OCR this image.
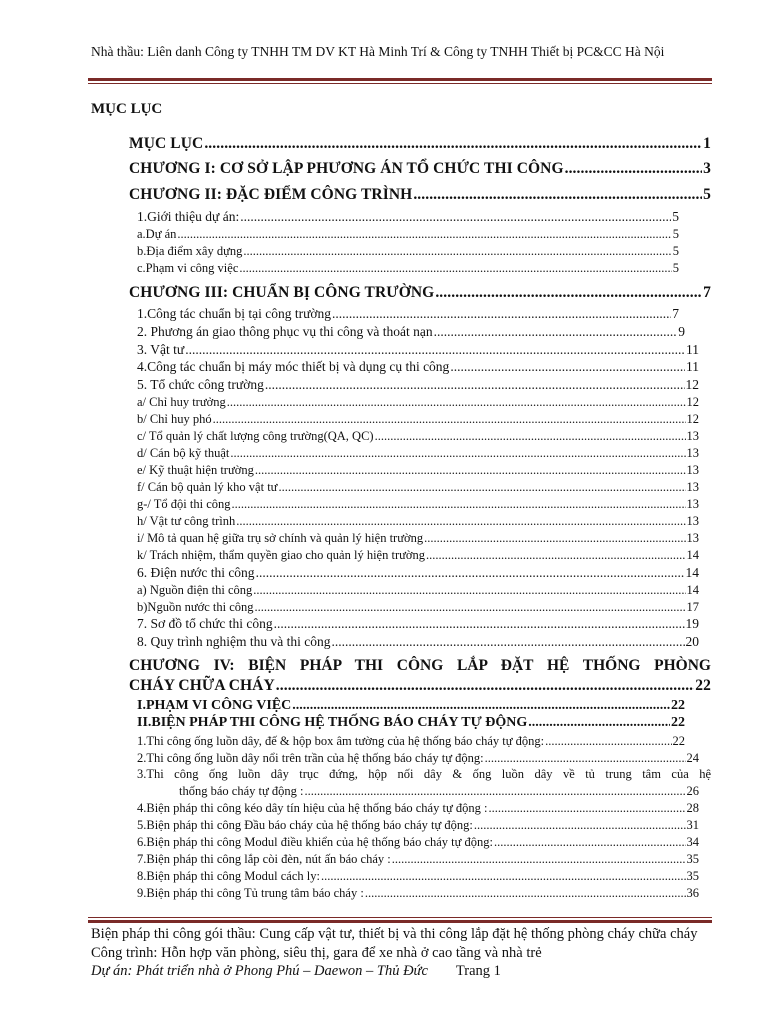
Nhà thầu: Liên danh Công ty TNHH TM DV KT Hà Minh Trí & Công ty TNHH Thiết bị PC&CC Hà Nội
MỤC LỤC
MỤC LỤC .....	1
CHƯƠNG I: CƠ SỞ LẬP PHƯƠNG ÁN TỔ CHỨC THI CÔNG .....	3
CHƯƠNG II: ĐẶC ĐIỂM CÔNG TRÌNH .....	5
1.Giới thiệu dự án: .....	5
a.Dự án .....	5
b.Địa điểm xây dựng .....	5
c.Phạm vi công việc .....	5
CHƯƠNG III: CHUẨN BỊ CÔNG TRƯỜNG .....	7
1.Công tác chuẩn bị tại công trường .....	7
2. Phương án giao thông phục vụ thi công và thoát nạn .....	9
3. Vật tư .....	11
4.Công tác chuẩn bị máy móc thiết bị và dụng cụ thi công .....	11
5. Tổ chức công trường .....	12
a/ Chỉ huy trưởng .....	12
b/ Chỉ huy phó .....	12
c/ Tổ quản lý chất lượng công trường(QA, QC) .....	13
d/ Cán bộ kỹ thuật .....	13
e/ Kỹ thuật hiện trường .....	13
f/ Cán bộ quản lý kho vật tư .....	13
g-/ Tổ đội thi công .....	13
h/ Vật tư công trình .....	13
i/ Mô tả quan hệ giữa trụ sở chính và quản lý hiện trường .....	13
k/ Trách nhiệm, thẩm quyền giao cho quản lý hiện trường .....	14
6. Điện nước thi công .....	14
a) Nguồn điện thi công .....	14
b)Nguồn nước thi công .....	17
7. Sơ đồ tổ chức thi công .....	19
8. Quy trình nghiệm thu và thi công .....	20
CHƯƠNG IV: BIỆN PHÁP THI CÔNG LẮP ĐẶT HỆ THỐNG PHÒNG
CHÁY CHỮA CHÁY .....	22
I.PHẠM VI CÔNG VIỆC .....	22
II.BIỆN PHÁP THI CÔNG HỆ THỐNG BÁO CHÁY TỰ ĐỘNG .....	22
1.Thi công ống luồn dây, đế & hộp box âm tường của hệ thống báo cháy tự động: .....	22
2.Thi công ống luồn dây nổi trên trần của hệ thống báo cháy tự động: .....	24
3.Thi công ống luồn dây trục đứng, hộp nối dây & ống luồn dây về tủ trung tâm của hệ
thống báo cháy tự động : .....	26
4.Biện pháp thi công kéo dây tín hiệu của hệ thống báo cháy tự động : .....	28
5.Biện pháp thi công Đầu báo cháy của hệ thống báo cháy tự động: .....	31
6.Biện pháp thi công Modul điều khiển của hệ thống báo cháy tự động: .....	34
7.Biện pháp thi công lắp còi đèn, nút ấn báo cháy : .....	35
8.Biện pháp thi công Modul cách ly: .....	35
9.Biện pháp thi công Tủ trung tâm báo cháy : .....	36
Biện pháp thi công gói thầu: Cung cấp vật tư, thiết bị và thi công lắp đặt hệ thống phòng cháy chữa cháy
Công trình: Hỗn hợp văn phòng, siêu thị, gara để xe nhà ở cao tầng và nhà trẻ
Dự án: Phát triển nhà ở Phong Phú – Daewon – Thủ Đức Trang 1
